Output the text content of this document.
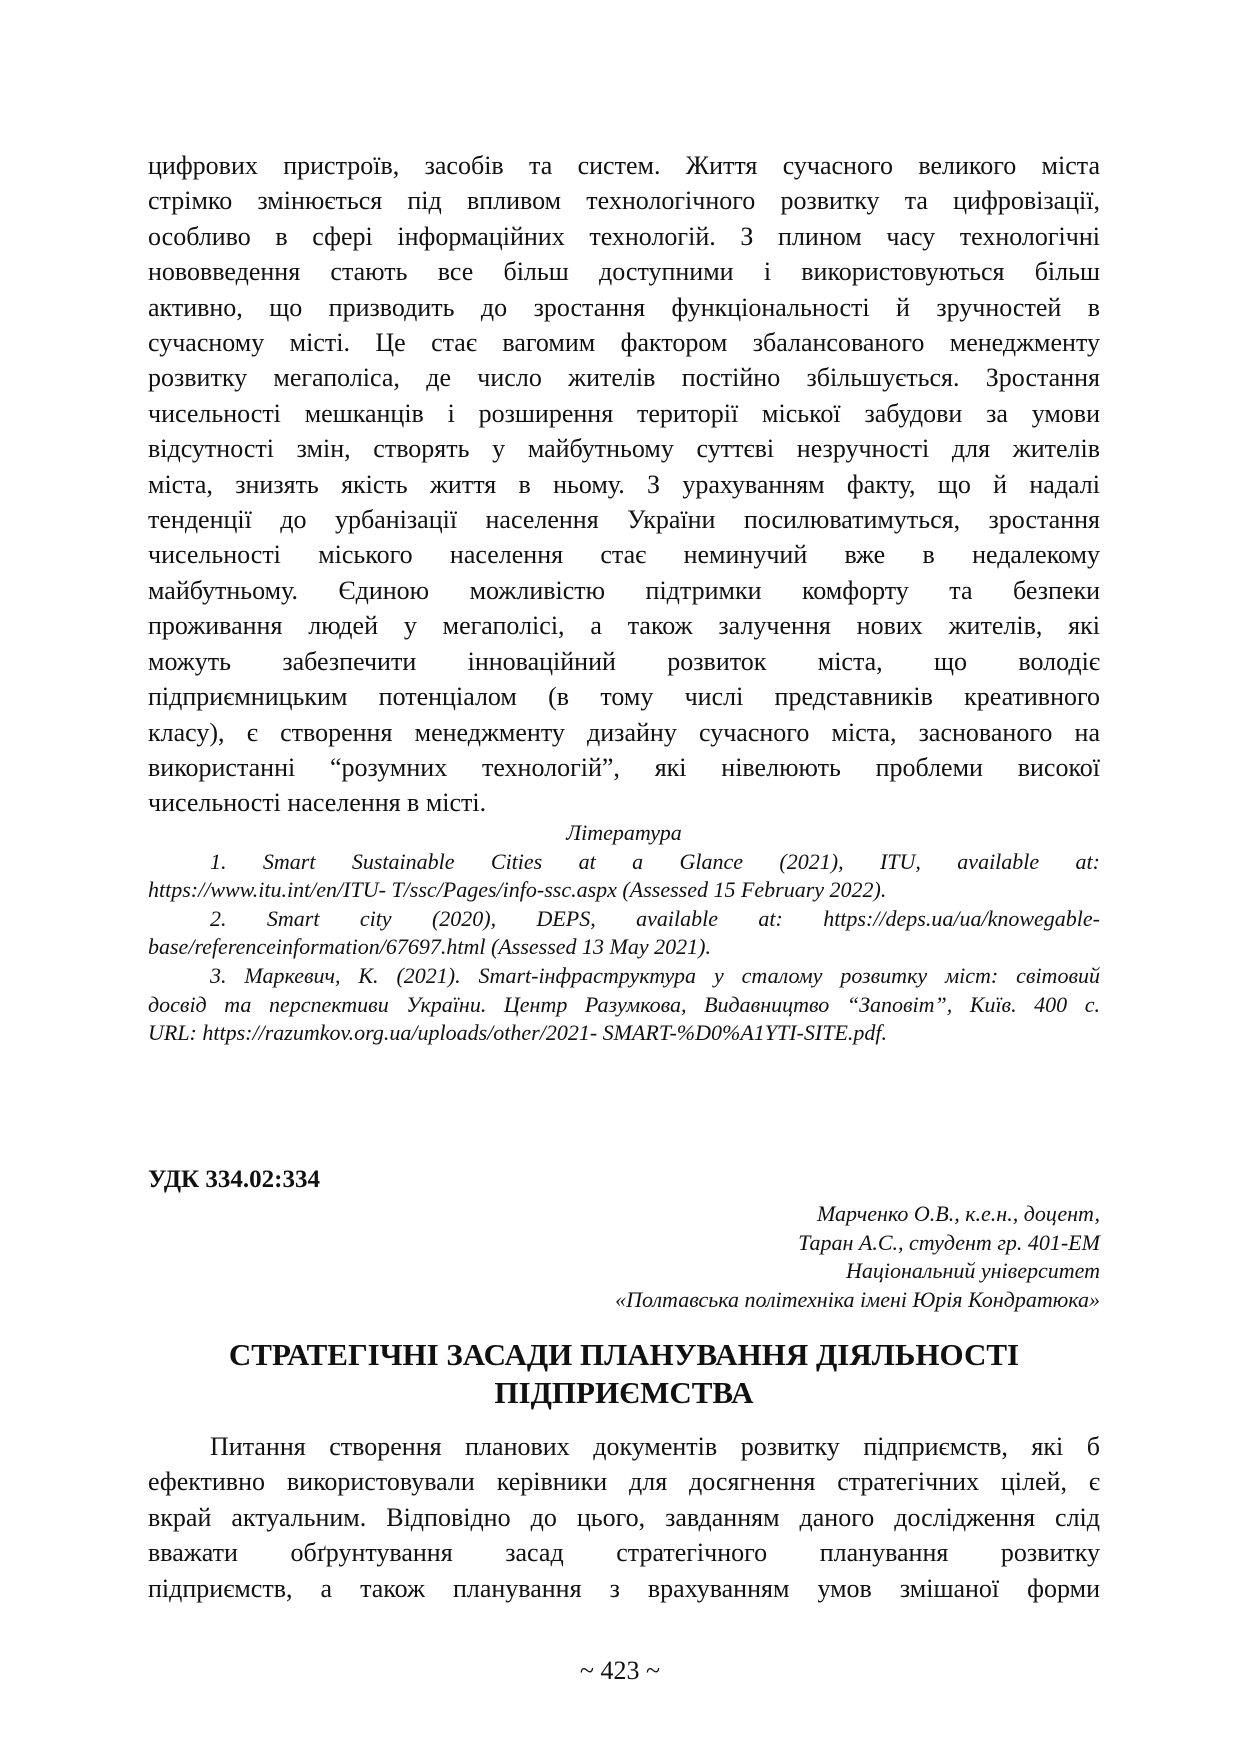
цифрових пристроїв, засобів та систем. Життя сучасного великого міста
стрімко змінюється під впливом технологічного розвитку та цифровізації,
особливо в сфері інформаційних технологій. З плином часу технологічні
нововведення стають все більш доступними і використовуються більш
активно, що призводить до зростання функціональності й зручностей в
сучасному місті. Це стає вагомим фактором збалансованого менеджменту
розвитку мегаполіса, де число жителів постійно збільшується. Зростання
чисельності мешканців і розширення території міської забудови за умови
відсутності змін, створять у майбутньому суттєві незручності для жителів
міста, знизять якість життя в ньому. З урахуванням факту, що й надалі
тенденції до урбанізації населення України посилюватимуться, зростання
чисельності міського населення стає неминучий вже в недалекому
майбутньому. Єдиною можливістю підтримки комфорту та безпеки
проживання людей у мегаполісі, а також залучення нових жителів, які
можуть забезпечити інноваційний розвиток міста, що володіє
підприємницьким потенціалом (в тому числі представників креативного
класу), є створення менеджменту дизайну сучасного міста, заснованого на
використанні “розумних технологій”, які нівелюють проблеми високої
чисельності населення в місті.
Література
1. Smart Sustainable Cities at a Glance (2021), ITU, available at:
https://www.itu.int/en/ITU- T/ssc/Pages/info-ssc.aspx (Assessed 15 February 2022).
2. Smart city (2020), DEPS, available at: https://deps.ua/ua/knowegable-
base/referenceinformation/67697.html (Assessed 13 May 2021).
3. Маркевич, К. (2021). Smart-інфраструктура у сталому розвитку міст: світовий
досвід та перспективи України. Центр Разумкова, Видавництво “Заповіт”, Київ. 400 с.
URL: https://razumkov.org.ua/uploads/other/2021- SMART-%D0%A1YTI-SITE.pdf.
УДК 334.02:334
Марченко О.В., к.е.н., доцент,
Таран А.С., студент гр. 401-ЕМ
Національний університет
«Полтавська політехніка імені Юрія Кондратюка»
СТРАТЕГІЧНІ ЗАСАДИ ПЛАНУВАННЯ ДІЯЛЬНОСТІ
ПІДПРИЄМСТВА
Питання створення планових документів розвитку підприємств, які б
ефективно використовували керівники для досягнення стратегічних цілей, є
вкрай актуальним. Відповідно до цього, завданням даного дослідження слід
вважати обґрунтування засад стратегічного планування розвитку
підприємств, а також планування з врахуванням умов змішаної форми
~ 423 ~
